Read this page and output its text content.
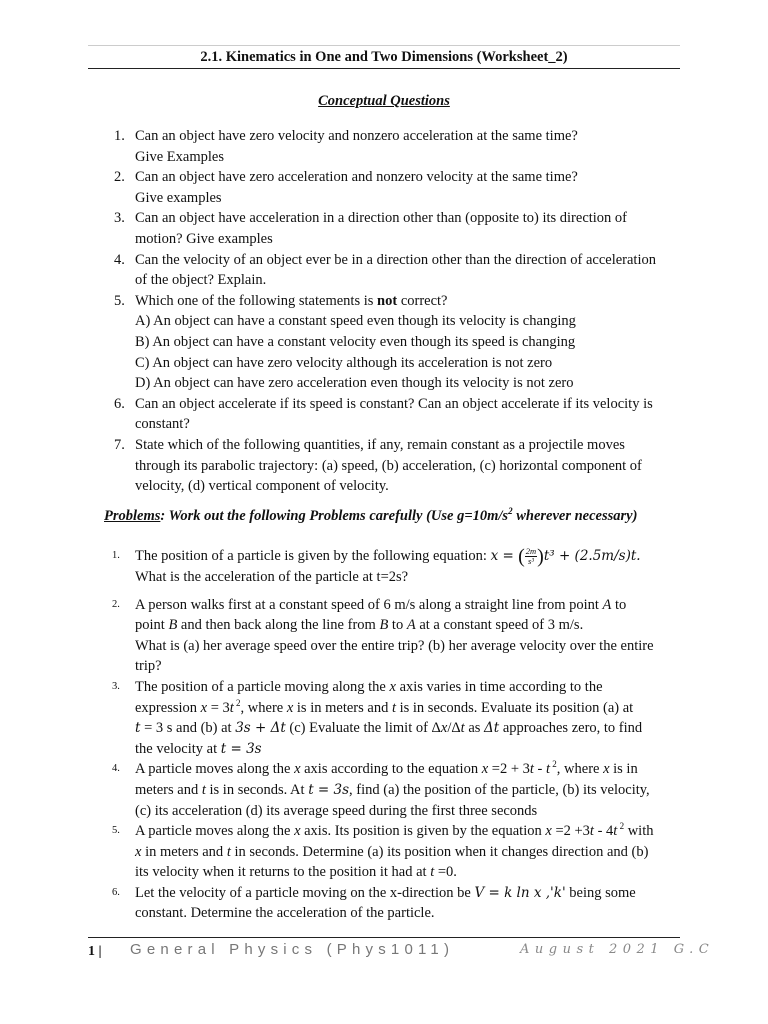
2.1. Kinematics in One and Two Dimensions (Worksheet_2)
Conceptual Questions
1. Can an object have zero velocity and nonzero acceleration at the same time?
Give Examples
2. Can an object have zero acceleration and nonzero velocity at the same time?
Give examples
3. Can an object have acceleration in a direction other than (opposite to) its direction of
motion? Give examples
4. Can the velocity of an object ever be in a direction other than the direction of acceleration
of the object? Explain.
5. Which one of the following statements is not correct?
A) An object can have a constant speed even though its velocity is changing
B) An object can have a constant velocity even though its speed is changing
C) An object can have zero velocity although its acceleration is not zero
D) An object can have zero acceleration even though its velocity is not zero
6. Can an object accelerate if its speed is constant? Can an object accelerate if its velocity is
constant?
7. State which of the following quantities, if any, remain constant as a projectile moves
through its parabolic trajectory: (a) speed, (b) acceleration, (c) horizontal component of
velocity, (d) vertical component of velocity.
Problems: Work out the following Problems carefully (Use $g=10m/s^2$ wherever necessary)
1. The position of a particle is given by the following equation: x = ( $\frac{2m}{\text{s³}} )t^3 + (2.5m/s)t$.
What is the acceleration of the particle at t=2s?
2. A person walks first at a constant speed of 6 m/s along a straight line from point A to
point B and then back along the line from B to A at a constant speed of 3 m/s.
What is (a) her average speed over the entire trip? (b) her average velocity over the entire
trip?
3. The position of a particle moving along the x axis varies in time according to the
expression x = 3t $^2$, where x is in meters and t is in seconds. Evaluate its position (a) at
t = 3 s and (b) at 3s + Δt (c) Evaluate the limit of Δx/Δt as Δt approaches zero, to find
the velocity at t = 3s
4. A particle moves along the x axis according to the equation x =2 + 3t - t $^2$, where x is in
meters and t is in seconds. At t = 3s, find (a) the position of the particle, (b) its velocity,
(c) its acceleration (d) its average speed during the first three seconds
5. A particle moves along the x axis. Its position is given by the equation x =2 +3t - 4t $^2$ with
x in meters and t in seconds. Determine (a) its position when it changes direction and (b)
its velocity when it returns to the position it had at t =0.
6. Let the velocity of a particle moving on the x-direction be V = k ln x ,'k' being some
constant. Determine the acceleration of the particle.
1 | General Physics (Phys1011)	August 2021 G.C
